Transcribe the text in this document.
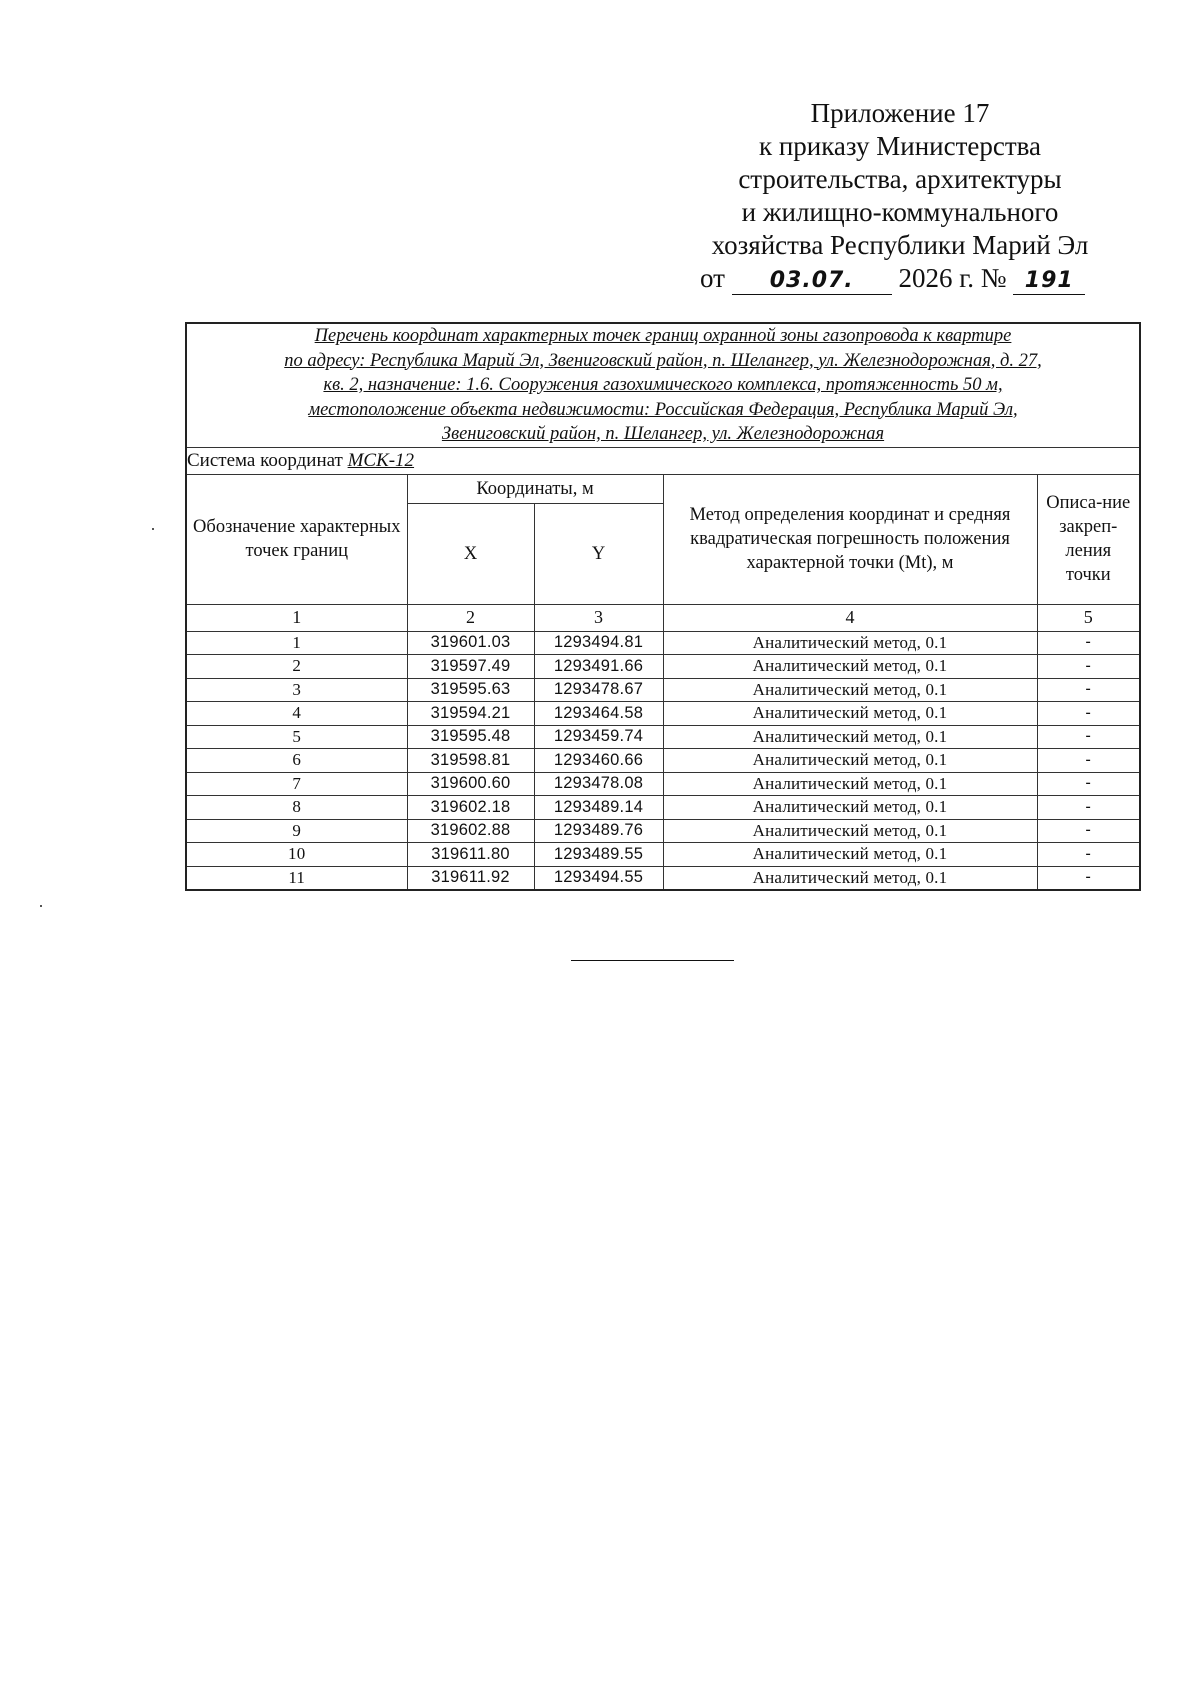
Приложение 17
к приказу Министерства
строительства, архитектуры
и жилищно-коммунального
хозяйства Республики Марий Эл
от 03.07. 2026 г. № 191
Перечень координат характерных точек границ охранной зоны газопровода к квартире
по адресу: Республика Марий Эл, Звениговский район, п. Шелангер, ул. Железнодорожная, д. 27,
кв. 2, назначение: 1.6. Сооружения газохимического комплекса, протяженность 50 м,
местоположение объекта недвижимости: Российская Федерация, Республика Марий Эл,
Звениговский район, п. Шелангер, ул. Железнодорожная				
Система координат МСК-12				
Обозначение характерных точек границ	Координаты, м		Метод определения координат и средняя квадратическая погрешность положения характерной точки (Mt), м	Описа-ние закреп-ления точки
	X	Y		
1	2	3	4	5
1	319601.03	1293494.81	Аналитический метод, 0.1	-
2	319597.49	1293491.66	Аналитический метод, 0.1	-
3	319595.63	1293478.67	Аналитический метод, 0.1	-
4	319594.21	1293464.58	Аналитический метод, 0.1	-
5	319595.48	1293459.74	Аналитический метод, 0.1	-
6	319598.81	1293460.66	Аналитический метод, 0.1	-
7	319600.60	1293478.08	Аналитический метод, 0.1	-
8	319602.18	1293489.14	Аналитический метод, 0.1	-
9	319602.88	1293489.76	Аналитический метод, 0.1	-
10	319611.80	1293489.55	Аналитический метод, 0.1	-
11	319611.92	1293494.55	Аналитический метод, 0.1	-
